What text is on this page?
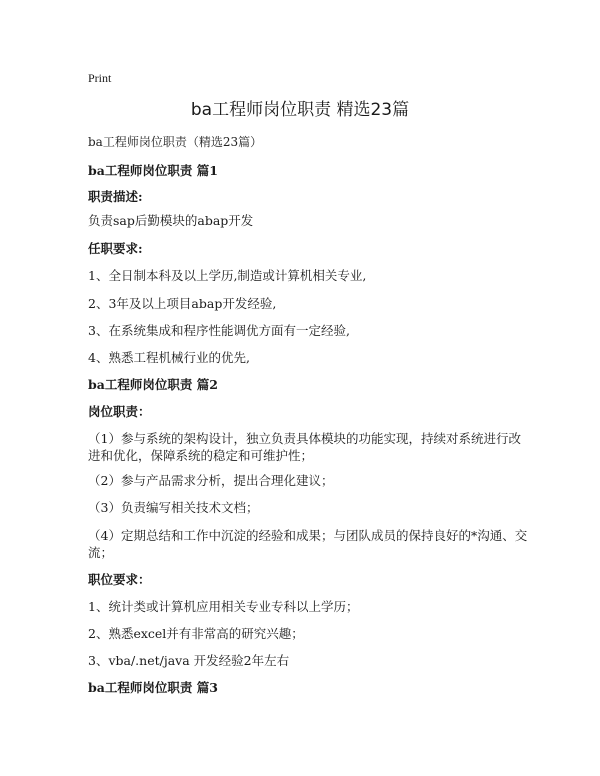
Print
ba工程师岗位职责 精选23篇
ba工程师岗位职责（精选23篇）
ba工程师岗位职责 篇1
职责描述:
负责sap后勤模块的abap开发
任职要求:
1、全日制本科及以上学历,制造或计算机相关专业,
2、3年及以上项目abap开发经验,
3、在系统集成和程序性能调优方面有一定经验,
4、熟悉工程机械行业的优先,
ba工程师岗位职责 篇2
岗位职责：
（1）参与系统的架构设计，独立负责具体模块的功能实现，持续对系统进行改进和优化，保障系统的稳定和可维护性；
（2）参与产品需求分析，提出合理化建议；
（3）负责编写相关技术文档；
（4）定期总结和工作中沉淀的经验和成果；与团队成员的保持良好的*沟通、交流；
职位要求：
1、统计类或计算机应用相关专业专科以上学历；
2、熟悉excel并有非常高的研究兴趣；
3、vba/.net/java 开发经验2年左右
ba工程师岗位职责 篇3
